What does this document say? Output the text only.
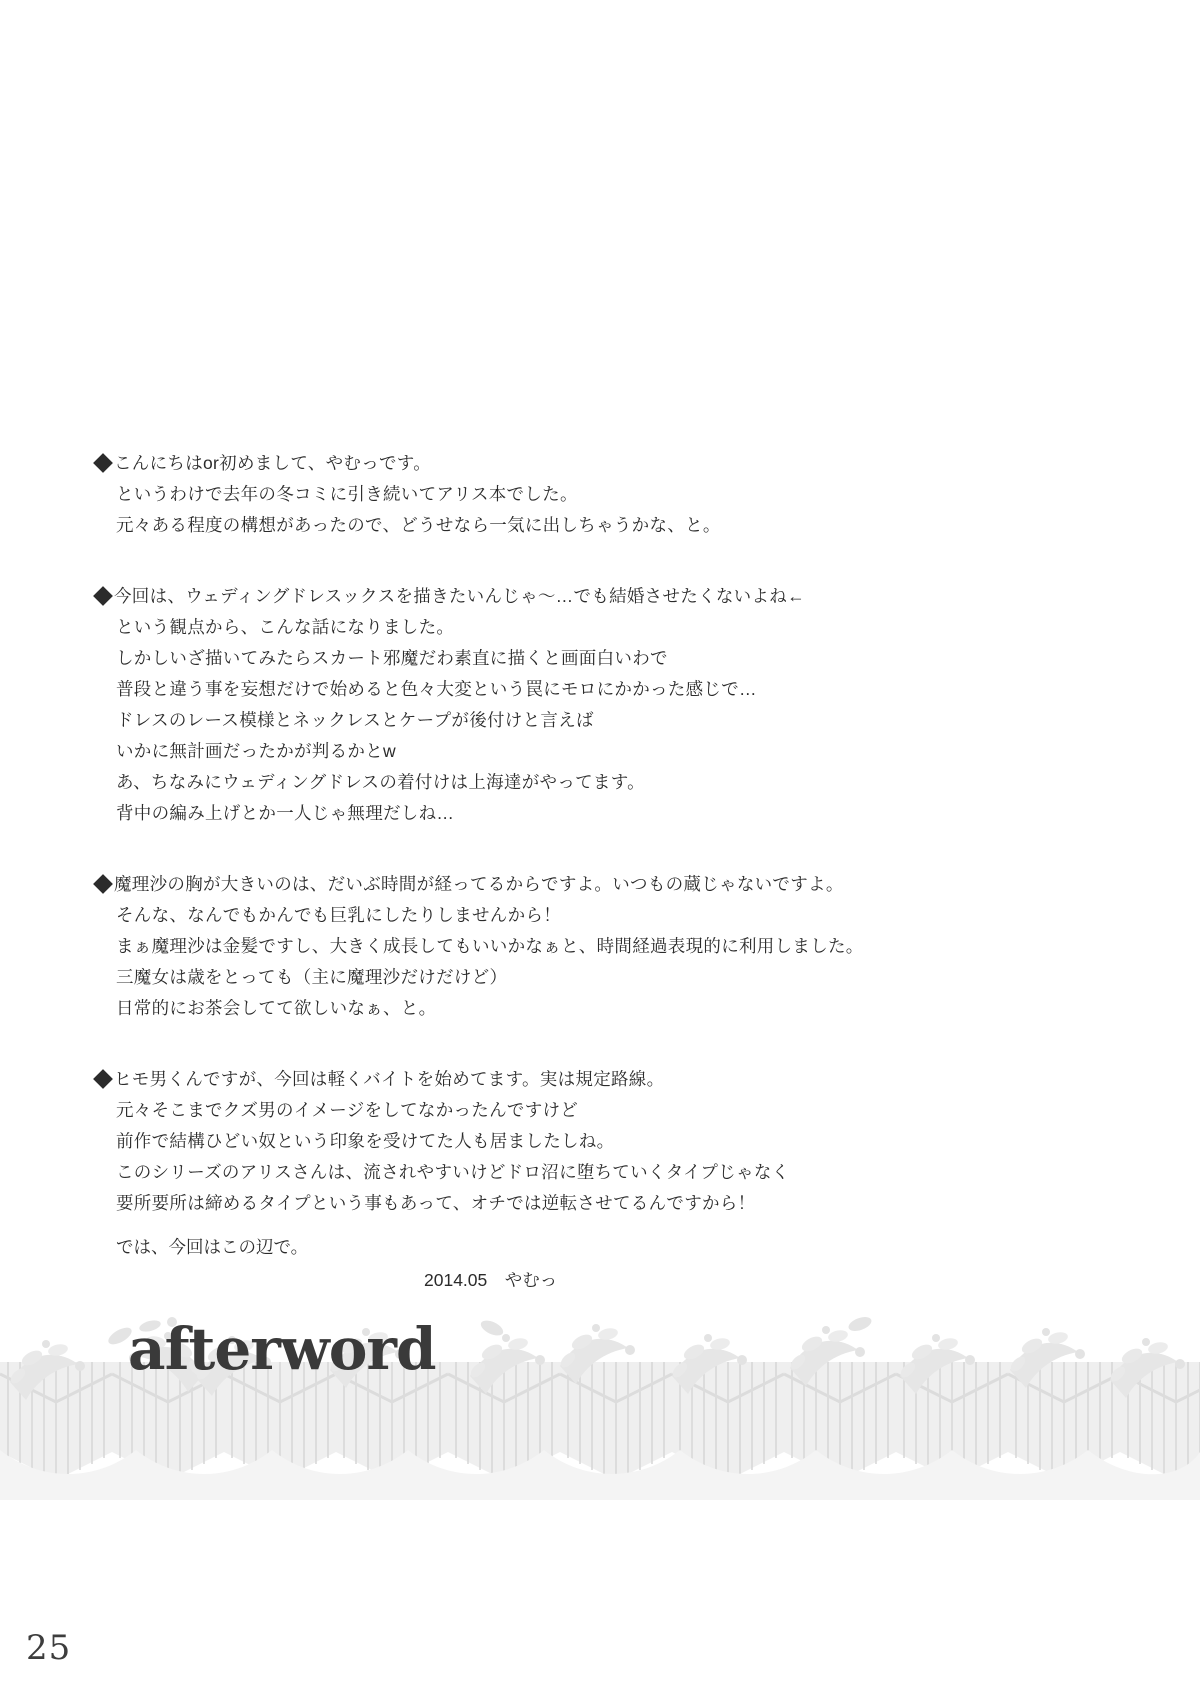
こんにちはor初めまして、やむっです。
というわけで去年の冬コミに引き続いてアリス本でした。
元々ある程度の構想があったので、どうせなら一気に出しちゃうかな、と。
今回は、ウェディングドレスックスを描きたいんじゃ〜…でも結婚させたくないよね←
という観点から、こんな話になりました。
しかしいざ描いてみたらスカート邪魔だわ素直に描くと画面白いわで
普段と違う事を妄想だけで始めると色々大変という罠にモロにかかった感じで…
ドレスのレース模様とネックレスとケープが後付けと言えば
いかに無計画だったかが判るかとw
あ、ちなみにウェディングドレスの着付けは上海達がやってます。
背中の編み上げとか一人じゃ無理だしね…
魔理沙の胸が大きいのは、だいぶ時間が経ってるからですよ。いつもの蔵じゃないですよ。
そんな、なんでもかんでも巨乳にしたりしませんから！
まぁ魔理沙は金髪ですし、大きく成長してもいいかなぁと、時間経過表現的に利用しました。
三魔女は歳をとっても（主に魔理沙だけだけど）
日常的にお茶会してて欲しいなぁ、と。
ヒモ男くんですが、今回は軽くバイトを始めてます。実は規定路線。
元々そこまでクズ男のイメージをしてなかったんですけど
前作で結構ひどい奴という印象を受けてた人も居ましたしね。
このシリーズのアリスさんは、流されやすいけどドロ沼に堕ちていくタイプじゃなく
要所要所は締めるタイプという事もあって、オチでは逆転させてるんですから！
では、今回はこの辺で。
2014.05　やむっ
afterword
25
